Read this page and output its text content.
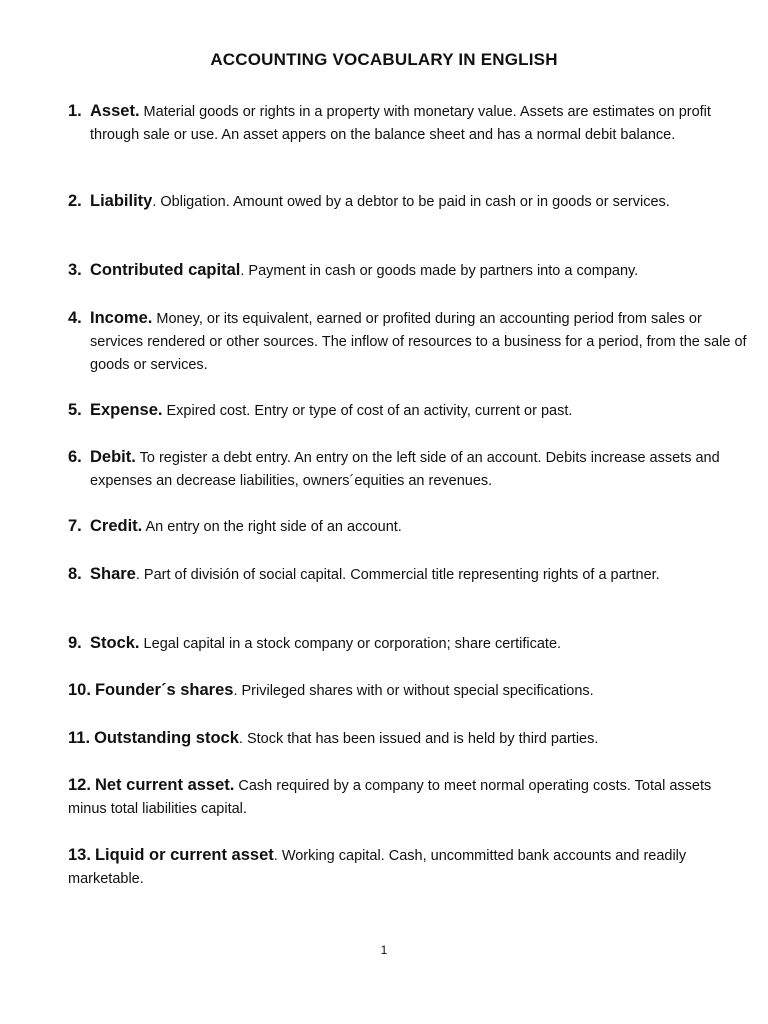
ACCOUNTING VOCABULARY IN ENGLISH
1. Asset. Material goods or rights in a property with monetary value. Assets are estimates on profit through sale or use. An asset appers on the balance sheet and has a normal debit balance.
2. Liability. Obligation. Amount owed by a debtor to be paid in cash or in goods or services.
3. Contributed capital. Payment in cash or goods made by partners into a company.
4. Income. Money, or its equivalent, earned or profited during an accounting period from sales or services rendered or other sources. The inflow of resources to a business for a period, from the sale of goods or services.
5. Expense. Expired cost. Entry or type of cost of an activity, current or past.
6. Debit. To register a debt entry. An entry on the left side of an account. Debits increase assets and expenses an decrease liabilities, owners´equities an revenues.
7. Credit. An entry on the right side of an account.
8. Share. Part of división of social capital. Commercial title representing rights of a partner.
9. Stock. Legal capital in a stock company or corporation; share certificate.
10. Founder´s shares. Privileged shares with or without special specifications.
11. Outstanding stock. Stock that has been issued and is held by third parties.
12. Net current asset. Cash required by a company to meet normal operating costs. Total assets minus total liabilities capital.
13. Liquid or current asset. Working capital. Cash, uncommitted bank accounts and readily marketable.
1
